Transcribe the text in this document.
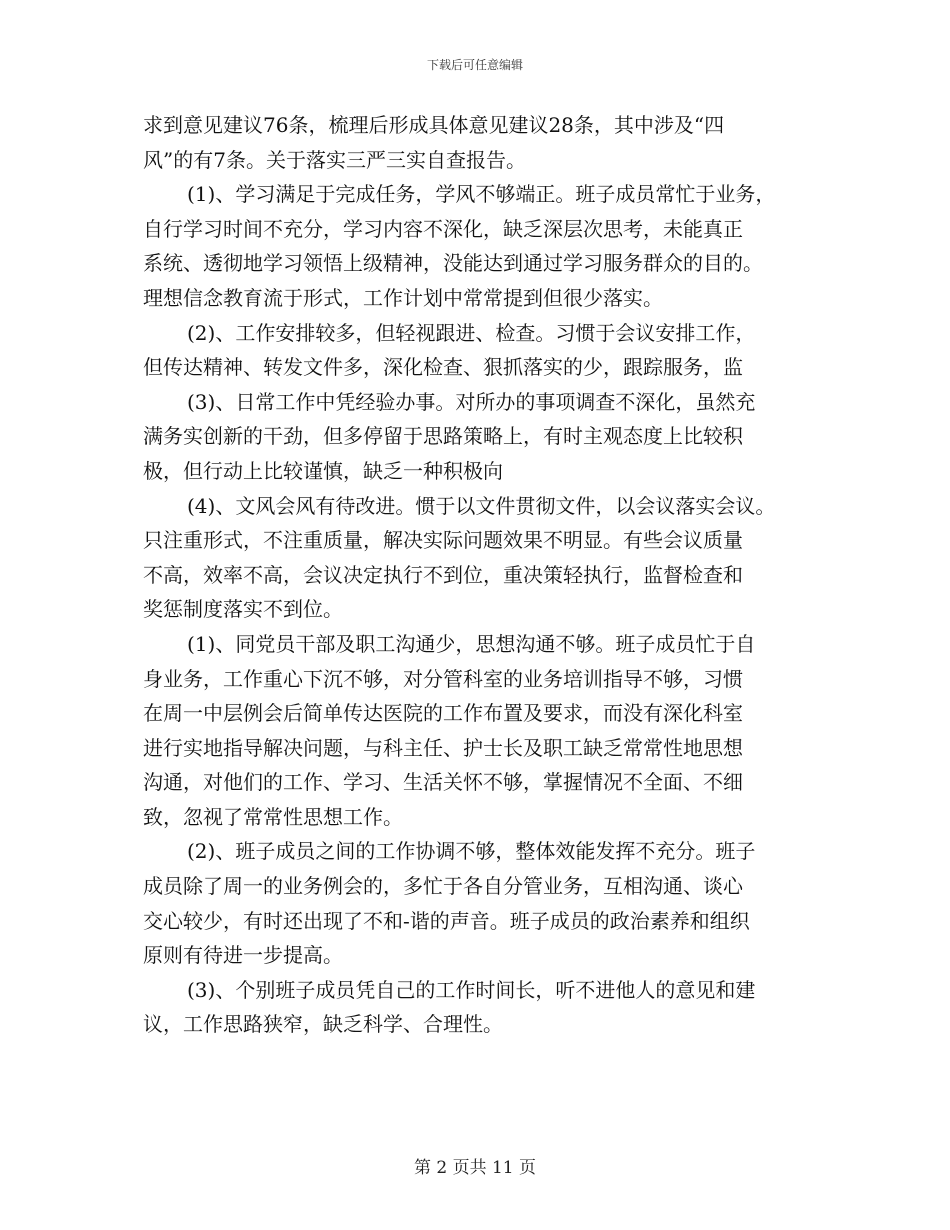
下载后可任意编辑
求到意见建议76条，梳理后形成具体意见建议28条，其中涉及“四
风”的有7条。关于落实三严三实自查报告。
(1)、学习满足于完成任务，学风不够端正。班子成员常忙于业务，
自行学习时间不充分，学习内容不深化，缺乏深层次思考，未能真正
系统、透彻地学习领悟上级精神，没能达到通过学习服务群众的目的。
理想信念教育流于形式，工作计划中常常提到但很少落实。
(2)、工作安排较多，但轻视跟进、检查。习惯于会议安排工作，
但传达精神、转发文件多，深化检查、狠抓落实的少，跟踪服务，监
(3)、日常工作中凭经验办事。对所办的事项调查不深化，虽然充
满务实创新的干劲，但多停留于思路策略上，有时主观态度上比较积
极，但行动上比较谨慎，缺乏一种积极向
(4)、文风会风有待改进。惯于以文件贯彻文件，以会议落实会议。
只注重形式，不注重质量，解决实际问题效果不明显。有些会议质量
不高，效率不高，会议决定执行不到位，重决策轻执行，监督检查和
奖惩制度落实不到位。
(1)、同党员干部及职工沟通少，思想沟通不够。班子成员忙于自
身业务，工作重心下沉不够，对分管科室的业务培训指导不够，习惯
在周一中层例会后简单传达医院的工作布置及要求，而没有深化科室
进行实地指导解决问题，与科主任、护士长及职工缺乏常常性地思想
沟通，对他们的工作、学习、生活关怀不够，掌握情况不全面、不细
致，忽视了常常性思想工作。
(2)、班子成员之间的工作协调不够，整体效能发挥不充分。班子
成员除了周一的业务例会的，多忙于各自分管业务，互相沟通、谈心
交心较少，有时还出现了不和-谐的声音。班子成员的政治素养和组织
原则有待进一步提高。
(3)、个别班子成员凭自己的工作时间长，听不进他人的意见和建
议，工作思路狭窄，缺乏科学、合理性。
第 2 页共 11 页
